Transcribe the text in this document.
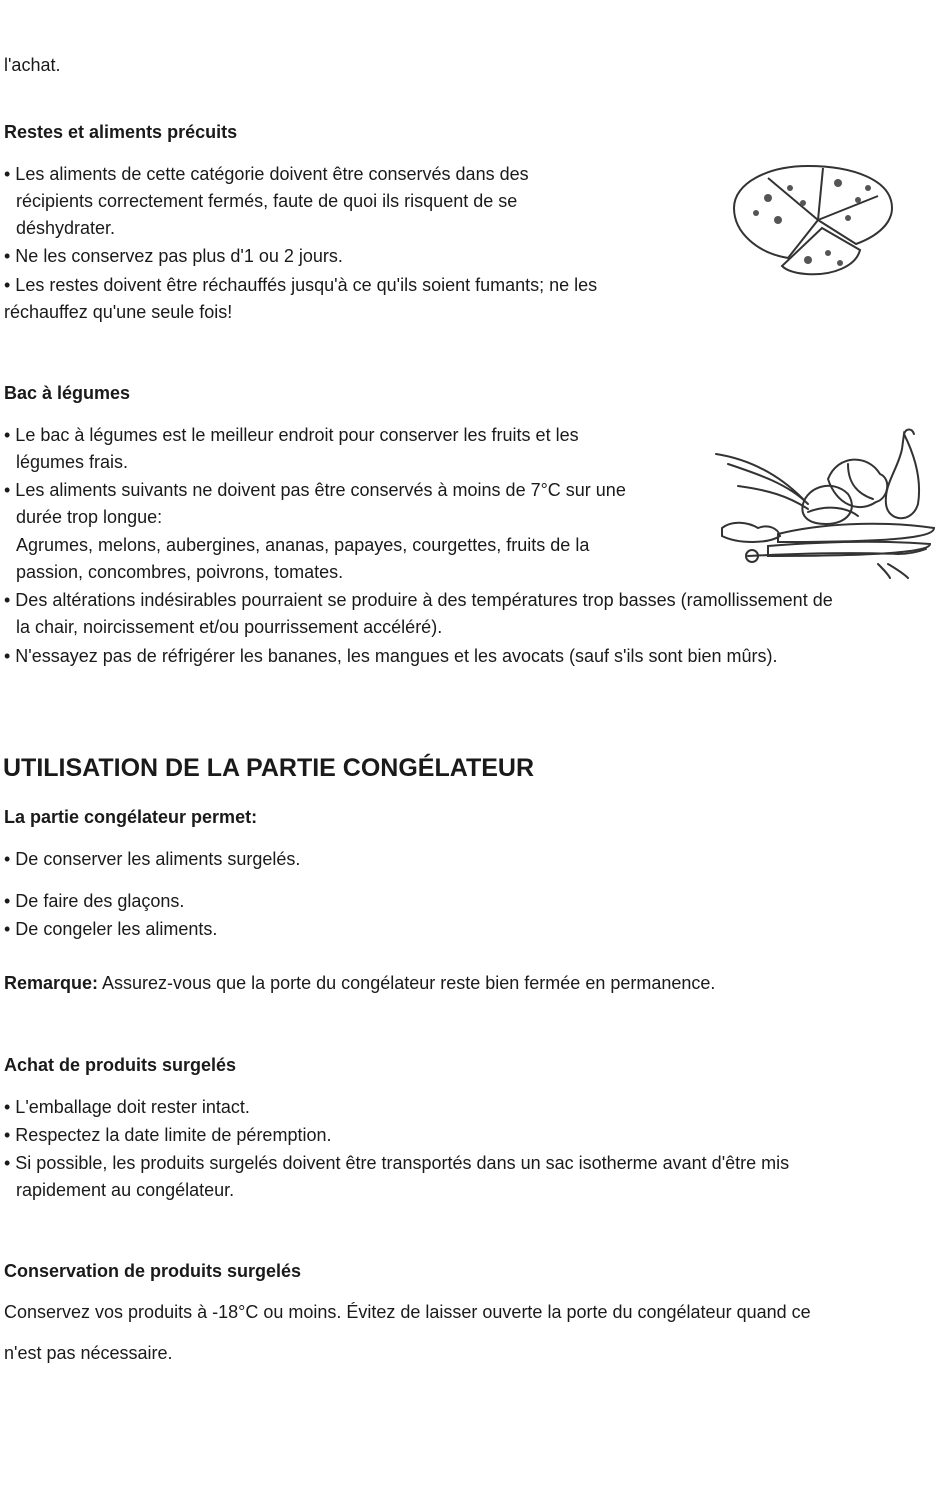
l'achat.
Restes et aliments précuits
• Les aliments de cette catégorie doivent être conservés dans des
récipients correctement fermés, faute de quoi ils risquent de se
déshydrater.
• Ne les conservez pas plus d'1 ou 2 jours.
• Les restes doivent être réchauffés jusqu'à ce qu'ils soient fumants; ne les
réchauffez qu'une seule fois!
Bac à légumes
• Le bac à légumes est le meilleur endroit pour conserver les fruits et les
légumes frais.
• Les aliments suivants ne doivent pas être conservés à moins de 7°C sur une
durée trop longue:
Agrumes, melons, aubergines, ananas, papayes, courgettes, fruits de la
passion, concombres, poivrons, tomates.
• Des altérations indésirables pourraient se produire à des températures trop basses (ramollissement de
la chair, noircissement et/ou pourrissement accéléré).
• N'essayez pas de réfrigérer les bananes, les mangues et les avocats (sauf s'ils sont bien mûrs).
UTILISATION DE LA PARTIE CONGÉLATEUR
La partie congélateur permet:
• De conserver les aliments surgelés.
• De faire des glaçons.
• De congeler les aliments.
Remarque: Assurez-vous que la porte du congélateur reste bien fermée en permanence.
Achat de produits surgelés
• L'emballage doit rester intact.
• Respectez la date limite de péremption.
• Si possible, les produits surgelés doivent être transportés dans un sac isotherme avant d'être mis
rapidement au congélateur.
Conservation de produits surgelés
Conservez vos produits à -18°C ou moins. Évitez de laisser ouverte la porte du congélateur quand ce
n'est pas nécessaire.
